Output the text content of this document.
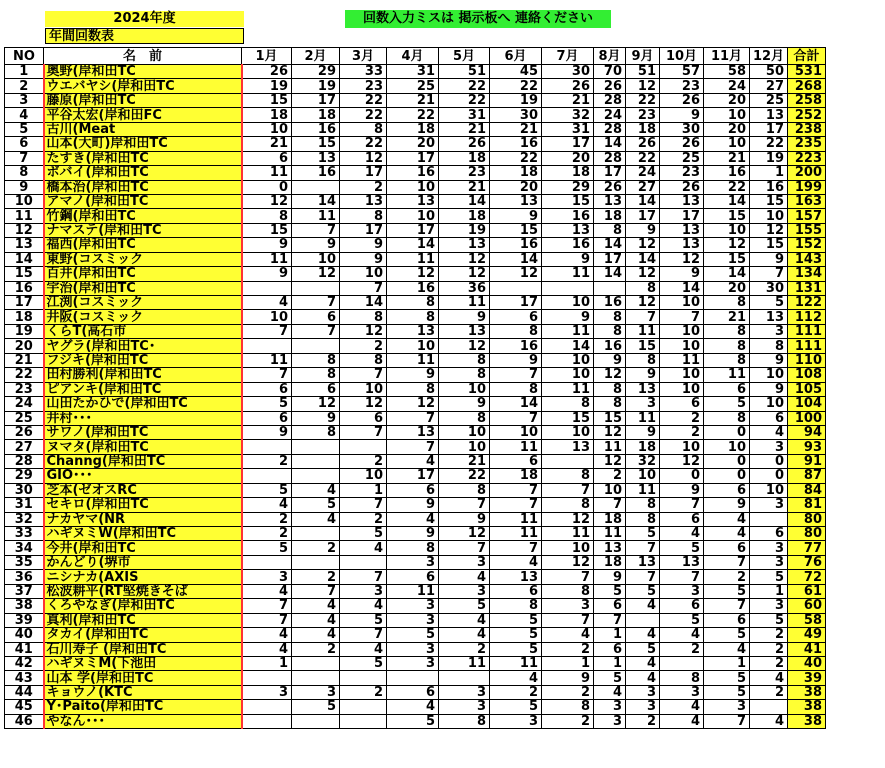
2024年度
年間回数表
回数入力ミスは 掲示板へ 連絡ください
NO	名　前	1月	2月	3月	4月	5月	6月	7月	8月	9月	10月	11月	12月	合計
1	奥野(岸和田TC	26	29	33	31	51	45	30	70	51	57	58	50	531
2	ウエバヤシ(岸和田TC	19	19	23	25	22	22	26	26	12	23	24	27	268
3	藤原(岸和田TC	15	17	22	21	22	19	21	28	22	26	20	25	258
4	平谷太宏(岸和田FC	18	18	22	22	31	30	32	24	23	9	10	13	252
5	古川(Meat	10	16	8	18	21	21	31	28	18	30	20	17	238
6	山本(大町)岸和田TC	21	15	22	20	26	16	17	14	26	26	10	22	235
7	たすき(岸和田TC	6	13	12	17	18	22	20	28	22	25	21	19	223
8	ボバイ(岸和田TC	11	16	17	16	23	18	18	17	24	23	16	1	200
9	橋本治(岸和田TC	0		2	10	21	20	29	26	27	26	22	16	199
10	アマノ(岸和田TC	12	14	13	13	14	13	15	13	14	13	14	15	163
11	竹鋼(岸和田TC	8	11	8	10	18	9	16	18	17	17	15	10	157
12	ナマステ(岸和田TC	15	7	17	17	19	15	13	8	9	13	10	12	155
13	福西(岸和田TC	9	9	9	14	13	16	16	14	12	13	12	15	152
14	東野(コスミック	11	10	9	11	12	14	9	17	14	12	15	9	143
15	百井(岸和田TC	9	12	10	12	12	12	11	14	12	9	14	7	134
16	宇治(岸和田TC			7	16	36				8	14	20	30	131
17	江渕(コスミック	4	7	14	8	11	17	10	16	12	10	8	5	122
18	井阪(コスミック	10	6	8	8	9	6	9	8	7	7	21	13	112
19	くらT(高石市	7	7	12	13	13	8	11	8	11	10	8	3	111
20	ヤグラ(岸和田TC･			2	10	12	16	14	16	15	10	8	8	111
21	フジキ(岸和田TC	11	8	8	11	8	9	10	9	8	11	8	9	110
22	田村勝利(岸和田TC	7	8	7	9	8	7	10	12	9	10	11	10	108
23	ピアンキ(岸和田TC	6	6	10	8	10	8	11	8	13	10	6	9	105
24	山田たかひで(岸和田TC	5	12	12	12	9	14	8	8	3	6	5	10	104
25	井村･･･	6	9	6	7	8	7	15	15	11	2	8	6	100
26	サワノ(岸和田TC	9	8	7	13	10	10	10	12	9	2	0	4	94
27	ヌマタ(岸和田TC				7	10	11	13	11	18	10	10	3	93
28	Channg(岸和田TC	2		2	4	21	6		12	32	12	0	0	91
29	GIO･･･			10	17	22	18	8	2	10	0	0	0	87
30	芝本(ゼオスRC	5	4	1	6	8	7	7	10	11	9	6	10	84
31	セキロ(岸和田TC	4	5	7	9	7	7	8	7	8	7	9	3	81
32	ナカヤマ(NR	2	4	2	4	9	11	12	18	8	6	4		80
33	ハギヌミW(岸和田TC	2		5	9	12	11	11	11	5	4	4	6	80
34	今井(岸和田TC	5	2	4	8	7	7	10	13	7	5	6	3	77
35	かんどり(堺市				3	3	4	12	18	13	13	7	3	76
36	ニシナカ(AXIS	3	2	7	6	4	13	7	9	7	7	2	5	72
37	松波耕平(RT堅焼きそば	4	7	3	11	3	6	8	5	5	3	5	1	61
38	くろやなぎ(岸和田TC	7	4	4	3	5	8	3	6	4	6	7	3	60
39	真利(岸和田TC	7	4	5	3	4	5	7	7		5	6	5	58
40	タカイ(岸和田TC	4	4	7	5	4	5	4	1	4	4	5	2	49
41	石川寿子 (岸和田TC	4	2	4	3	2	5	2	6	5	2	4	2	41
42	ハギヌミM(下池田	1		5	3	11	11	1	1	4		1	2	40
43	山本 学(岸和田TC						4	9	5	4	8	5	4	39
44	キョウノ(KTC	3	3	2	6	3	2	2	4	3	3	5	2	38
45	Y･Paito(岸和田TC		5		4	3	5	8	3	3	4	3		38
46	やなん･･･				5	8	3	2	3	2	4	7	4	38
